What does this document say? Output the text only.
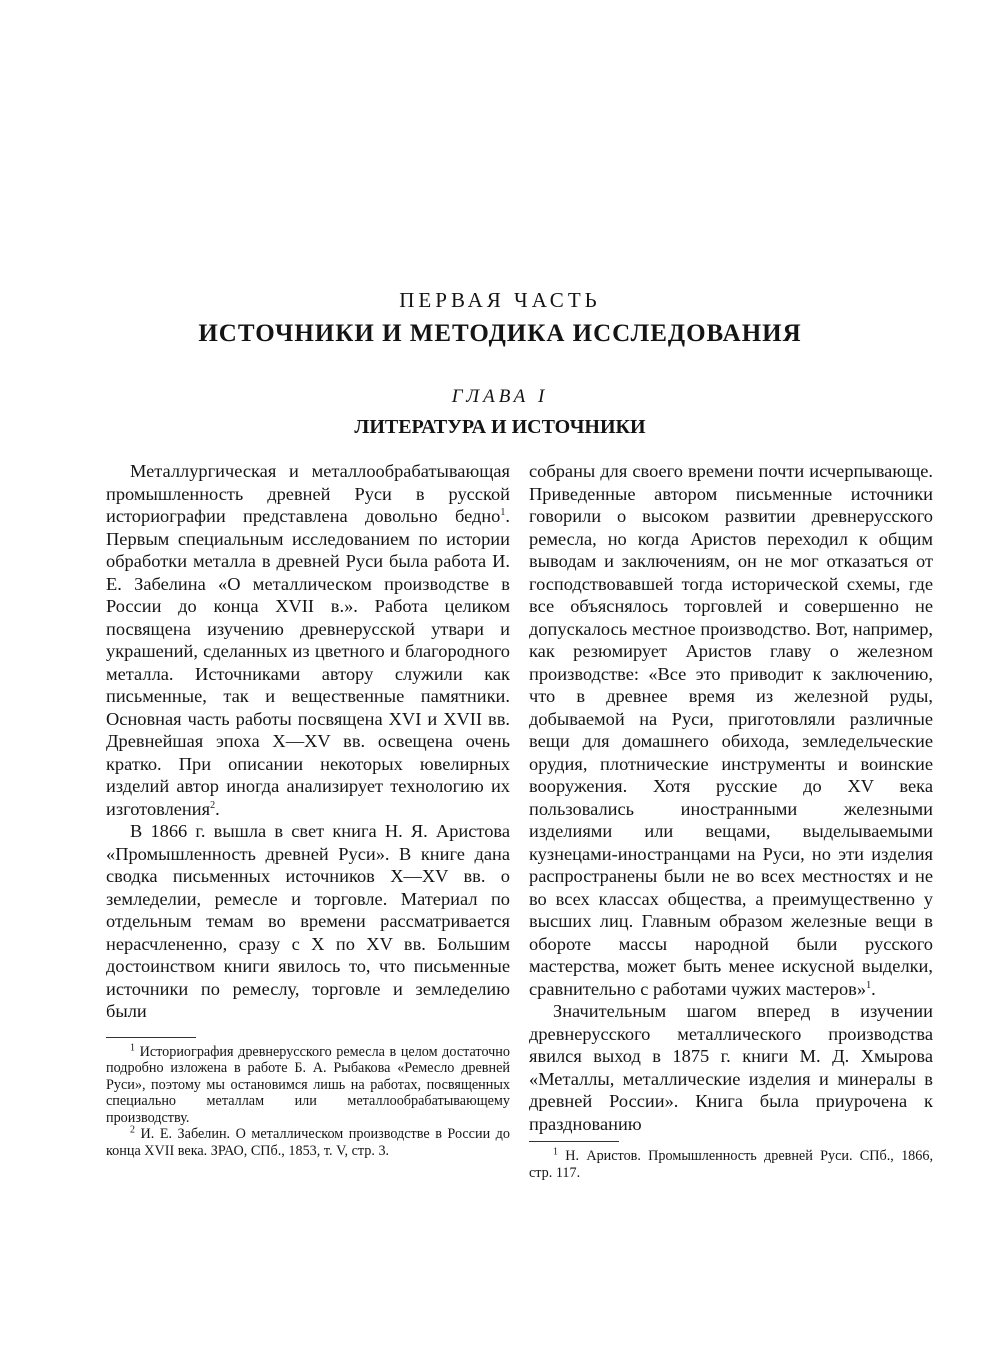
ПЕРВАЯ ЧАСТЬ
ИСТОЧНИКИ И МЕТОДИКА ИССЛЕДОВАНИЯ
ГЛАВА I
ЛИТЕРАТУРА И ИСТОЧНИКИ

Металлургическая и металлообрабатывающая промышленность древней Руси в русской историографии представлена довольно бедно$^1$. Первым специальным исследованием по истории обработки металла в древней Руси была работа И. Е. Забелина «О металлическом производстве в России до конца XVII в.». Работа целиком посвящена изучению древнерусской утвари и украшений, сделанных из цветного и благородного металла. Источниками автору служили как письменные, так и вещественные памятники. Основная часть работы посвящена XVI и XVII вв. Древнейшая эпоха X—XV вв. освещена очень кратко. При описании некоторых ювелирных изделий автор иногда анализирует технологию их изготовления$^2$.

В 1866 г. вышла в свет книга Н. Я. Аристова «Промышленность древней Руси». В книге дана сводка письменных источников X—XV вв. о земледелии, ремесле и торговле. Материал по отдельным темам во времени рассматривается нерасчлененно, сразу с X по XV вв. Большим достоинством книги явилось то, что письменные источники по ремеслу, торговле и земледелию были

$^1$ Историография древнерусского ремесла в целом достаточно подробно изложена в работе Б. А. Рыбакова «Ремесло древней Руси», поэтому мы остановимся лишь на работах, посвященных специально металлам или металлообрабатывающему производству.

$^2$ И. Е. Забелин. О металлическом производстве в России до конца XVII века. ЗРАО, СПб., 1853, т. V, стр. 3.

собраны для своего времени почти исчерпывающе. Приведенные автором письменные источники говорили о высоком развитии древнерусского ремесла, но когда Аристов переходил к общим выводам и заключениям, он не мог отказаться от господствовавшей тогда исторической схемы, где все объяснялось торговлей и совершенно не допускалось местное производство. Вот, например, как резюмирует Аристов главу о железном производстве: «Все это приводит к заключению, что в древнее время из железной руды, добываемой на Руси, приготовляли различные вещи для домашнего обихода, земледельческие орудия, плотнические инструменты и воинские вооружения. Хотя русские до XV века пользовались иностранными железными изделиями или вещами, выделываемыми кузнецами-иностранцами на Руси, но эти изделия распространены были не во всех местностях и не во всех классах общества, а преимущественно у высших лиц. Главным образом железные вещи в обороте массы народной были русского мастерства, может быть менее искусной выделки, сравнительно с работами чужих мастеров»$^1$.

Значительным шагом вперед в изучении древнерусского металлического производства явился выход в 1875 г. книги М. Д. Хмырова «Металлы, металлические изделия и минералы в древней России». Книга была приурочена к празднованию

$^1$ Н. Аристов. Промышленность древней Руси. СПб., 1866, стр. 117.
